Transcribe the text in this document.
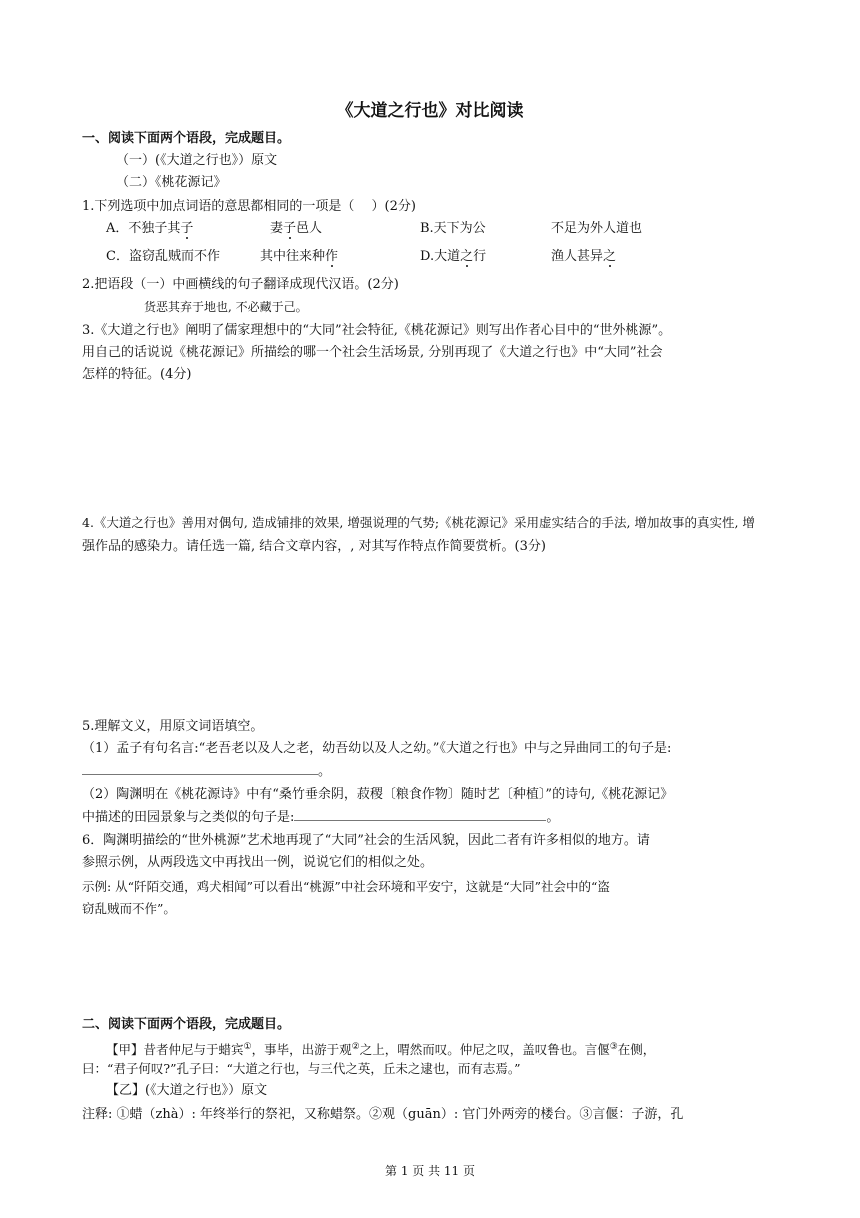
《大道之行也》对比阅读
一、阅读下面两个语段，完成题目。
（一）(《大道之行也》）原文
（二）《桃花源记》
1.下列选项中加点词语的意思都相同的一项是（　 ）(2分)
A．不独子其子	妻子邑人	B.天下为公	不足为外人道也
C．盗窃乱贼而不作	其中往来种作	D.大道之行	渔人甚异之
2.把语段（一）中画横线的句子翻译成现代汉语。(2分)
货恶其弃于地也, 不必藏于己。
3.《大道之行也》阐明了儒家理想中的“大同”社会特征,《桃花源记》则写出作者心目中的“世外桃源”。
用自己的话说说《桃花源记》所描绘的哪一个社会生活场景, 分别再现了《大道之行也》中“大同”社会
怎样的特征。(4分)
4.《大道之行也》善用对偶句, 造成铺排的效果, 增强说理的气势;《桃花源记》采用虚实结合的手法, 增加故事的真实性, 增
强作品的感染力。请任选一篇, 结合文章内容，, 对其写作特点作简要赏析。(3分)
5.理解文义，用原文词语填空。
（1）孟子有句名言:“老吾老以及人之老，幼吾幼以及人之幼。”《大道之行也》中与之异曲同工的句子是:
。
（2）陶渊明在《桃花源诗》中有“桑竹垂余阴，菽稷〔粮食作物〕随时艺〔种植〕”的诗句,《桃花源记》
中描述的田园景象与之类似的句子是:	。
6．陶渊明描绘的“世外桃源”艺术地再现了“大同”社会的生活风貌，因此二者有许多相似的地方。请
参照示例，从两段选文中再找出一例，说说它们的相似之处。
示例: 从“阡陌交通，鸡犬相闻”可以看出“桃源”中社会环境和平安宁，这就是“大同”社会中的“盗
窃乱贼而不作”。
二、阅读下面两个语段，完成题目。
【甲】昔者仲尼与于蜡宾①，事毕，出游于观②之上，喟然而叹。仲尼之叹，盖叹鲁也。言偃③在侧，
曰：“君子何叹?”孔子曰：“大道之行也，与三代之英，丘未之逮也，而有志焉。”
【乙】(《大道之行也》）原文
注释: ①蜡（zhà）: 年终举行的祭祀，又称蜡祭。②观（guān）: 官门外两旁的楼台。③言偃：子游，孔
第 1 页 共 11 页
